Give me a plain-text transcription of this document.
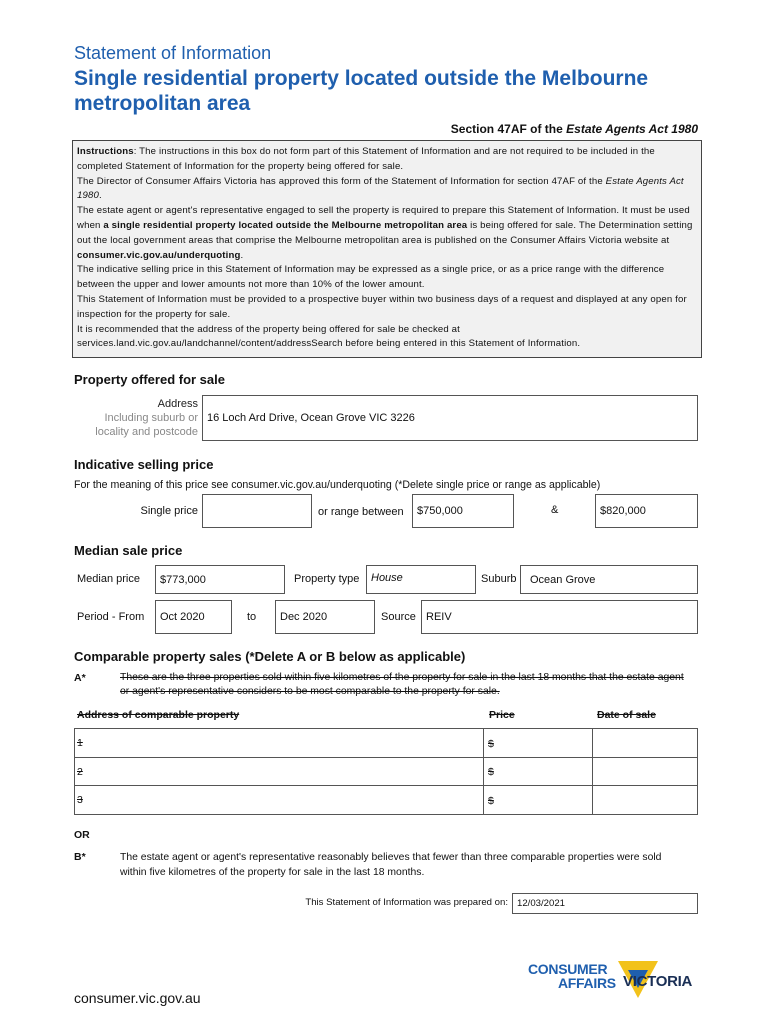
Statement of Information
Single residential property located outside the Melbourne metropolitan area
Section 47AF of the Estate Agents Act 1980

Instructions: The instructions in this box do not form part of this Statement of Information and are not required to be included in the completed Statement of Information for the property being offered for sale.

The Director of Consumer Affairs Victoria has approved this form of the Statement of Information for section 47AF of the Estate Agents Act 1980.

The estate agent or agent's representative engaged to sell the property is required to prepare this Statement of Information. It must be used when a single residential property located outside the Melbourne metropolitan area is being offered for sale. The Determination setting out the local government areas that comprise the Melbourne metropolitan area is published on the Consumer Affairs Victoria website at consumer.vic.gov.au/underquoting.

The indicative selling price in this Statement of Information may be expressed as a single price, or as a price range with the difference between the upper and lower amounts not more than 10% of the lower amount.

This Statement of Information must be provided to a prospective buyer within two business days of a request and displayed at any open for inspection for the property for sale.

It is recommended that the address of the property being offered for sale be checked at services.land.vic.gov.au/landchannel/content/addressSearch before being entered in this Statement of Information.

Property offered for sale
Address
Including suburb or
locality and postcode
16 Loch Ard Drive, Ocean Grove VIC 3226
Indicative selling price
For the meaning of this price see consumer.vic.gov.au/underquoting (*Delete single price or range as applicable)
Single price	or range between $750,000	&	$820,000
Median sale price
Median price $773,000	Property type House	Suburb Ocean Grove
Period - From Oct 2020	to Dec 2020	Source REIV
Comparable property sales (*Delete A or B below as applicable)
A*	These are the three properties sold within five kilometres of the property for sale in the last 18 months that the estate agent or agent's representative considers to be most comparable to the property for sale.
Address of comparable property	Price	Date of sale
1	$
2	$
3	$
OR
B*	The estate agent or agent's representative reasonably believes that fewer than three comparable properties were sold within five kilometres of the property for sale in the last 18 months.
This Statement of Information was prepared on: 12/03/2021
CONSUMER
AFFAIRS VICTORIA
consumer.vic.gov.au
